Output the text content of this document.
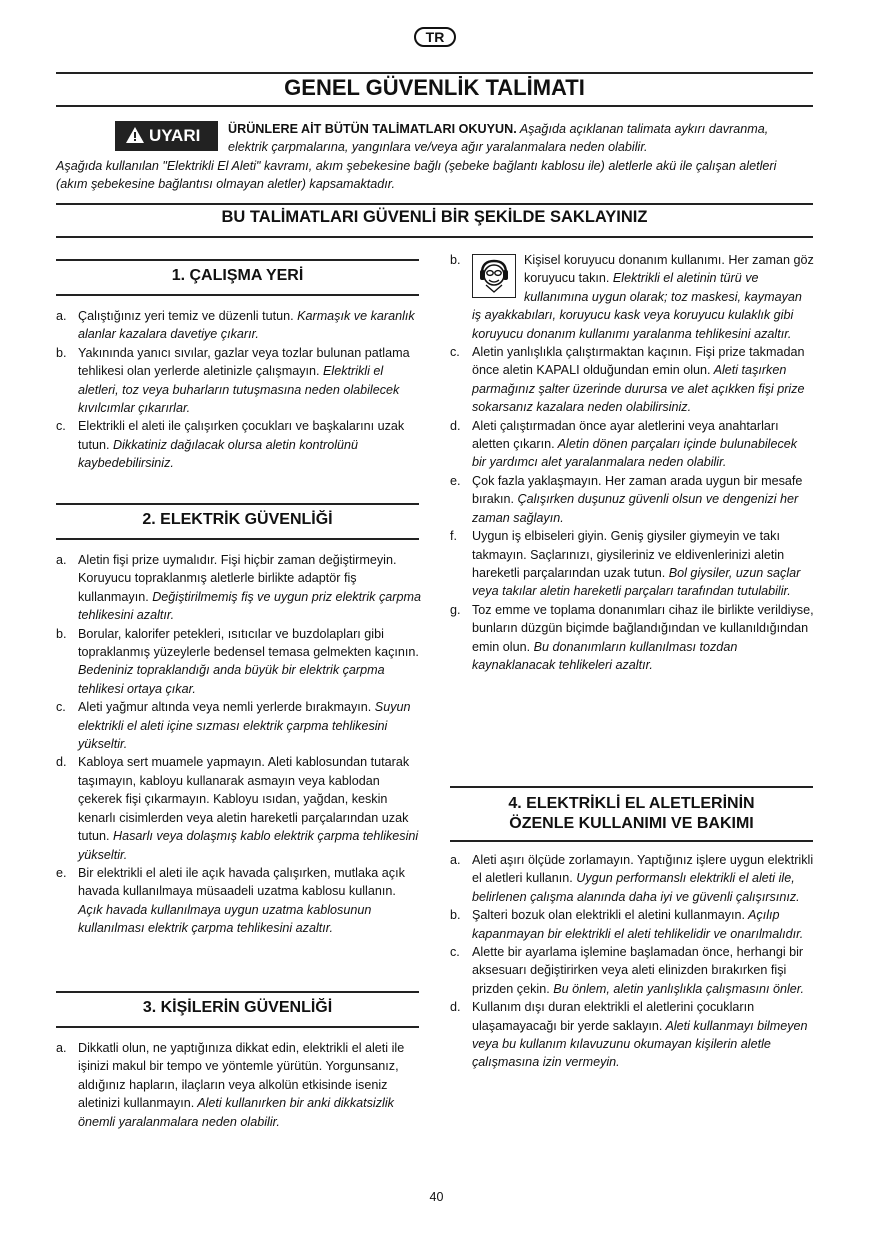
TR
GENEL GÜVENLİK TALİMATI
UYARI	ÜRÜNLERE AİT BÜTÜN TALİMATLARI OKUYUN. Aşağıda açıklanan talimata aykırı davranma, elektrik çarpmalarına, yangınlara ve/veya ağır yaralanmalara neden olabilir.
Aşağıda kullanılan "Elektrikli El Aleti" kavramı, akım şebekesine bağlı (şebeke bağlantı kablosu ile) aletlerle akü ile çalışan aletleri (akım şebekesine bağlantısı olmayan aletler) kapsamaktadır.
BU TALİMATLARI GÜVENLİ BİR ŞEKİLDE SAKLAYINIZ
1. ÇALIŞMA YERİ

a. Çalıştığınız yeri temiz ve düzenli tutun. Karmaşık ve karanlık alanlar kazalara davetiye çıkarır.

b. Yakınında yanıcı sıvılar, gazlar veya tozlar bulunan patlama tehlikesi olan yerlerde aletinizle çalışmayın. Elektrikli el aletleri, toz veya buharların tutuşmasına neden olabilecek kıvılcımlar çıkarırlar.

c. Elektrikli el aleti ile çalışırken çocukları ve başkalarını uzak tutun. Dikkatiniz dağılacak olursa aletin kontrolünü kaybedebilirsiniz.

2. ELEKTRİK GÜVENLİĞİ

a. Aletin fişi prize uymalıdır. Fişi hiçbir zaman değiştirmeyin. Koruyucu topraklanmış aletlerle birlikte adaptör fiş kullanmayın. Değiştirilmemiş fiş ve uygun priz elektrik çarpma tehlikesini azaltır.

b. Borular, kalorifer petekleri, ısıtıcılar ve buzdolapları gibi topraklanmış yüzeylerle bedensel temasa gelmekten kaçının. Bedeniniz topraklandığı anda büyük bir elektrik çarpma tehlikesi ortaya çıkar.

c. Aleti yağmur altında veya nemli yerlerde bırakmayın. Suyun elektrikli el aleti içine sızması elektrik çarpma tehlikesini yükseltir.

d. Kabloya sert muamele yapmayın. Aleti kablosundan tutarak taşımayın, kabloyu kullanarak asmayın veya kablodan çekerek fişi çıkarmayın. Kabloyu ısıdan, yağdan, keskin kenarlı cisimlerden veya aletin hareketli parçalarından uzak tutun. Hasarlı veya dolaşmış kablo elektrik çarpma tehlikesini yükseltir.

e. Bir elektrikli el aleti ile açık havada çalışırken, mutlaka açık havada kullanılmaya müsaadeli uzatma kablosu kullanın. Açık havada kullanılmaya uygun uzatma kablosunun kullanılması elektrik çarpma tehlikesini azaltır.

3. KİŞİLERİN GÜVENLİĞİ

a. Dikkatli olun, ne yaptığınıza dikkat edin, elektrikli el aleti ile işinizi makul bir tempo ve yöntemle yürütün. Yorgunsanız, aldığınız hapların, ilaçların veya alkolün etkisinde iseniz aletinizi kullanmayın. Aleti kullanırken bir anki dikkatsizlik önemli yaralanmalara neden olabilir.

b.	Kişisel koruyucu donanım kullanımı. Her zaman göz koruyucu takın. Elektrikli el aletinin türü ve kullanımına uygun olarak; toz maskesi, kaymayan iş ayakkabıları, koruyucu kask veya koruyucu kulaklık gibi koruyucu donanım kullanımı yaralanma tehlikesini azaltır.

c. Aletin yanlışlıkla çalıştırmaktan kaçının. Fişi prize takmadan önce aletin KAPALI olduğundan emin olun. Aleti taşırken parmağınız şalter üzerinde durursa ve alet açıkken fişi prize sokarsanız kazalara neden olabilirsiniz.

d. Aleti çalıştırmadan önce ayar aletlerini veya anahtarları aletten çıkarın. Aletin dönen parçaları içinde bulunabilecek bir yardımcı alet yaralanmalara neden olabilir.

e. Çok fazla yaklaşmayın. Her zaman arada uygun bir mesafe bırakın. Çalışırken duşunuz güvenli olsun ve dengenizi her zaman sağlayın.

f. Uygun iş elbiseleri giyin. Geniş giysiler giymeyin ve takı takmayın. Saçlarınızı, giysileriniz ve eldivenlerinizi aletin hareketli parçalarından uzak tutun. Bol giysiler, uzun saçlar veya takılar aletin hareketli parçaları tarafından tutulabilir.

g. Toz emme ve toplama donanımları cihaz ile birlikte verildiyse, bunların düzgün biçimde bağlandığından ve kullanıldığından emin olun. Bu donanımların kullanılması tozdan kaynaklanacak tehlikeleri azaltır.

4. ELEKTRİKLİ EL ALETLERİNİN
ÖZENLE KULLANIMI VE BAKIMI

a. Aleti aşırı ölçüde zorlamayın. Yaptığınız işlere uygun elektrikli el aletleri kullanın. Uygun performanslı elektrikli el aleti ile, belirlenen çalışma alanında daha iyi ve güvenli çalışırsınız.

b. Şalteri bozuk olan elektrikli el aletini kullanmayın. Açılıp kapanmayan bir elektrikli el aleti tehlikelidir ve onarılmalıdır.

c. Alette bir ayarlama işlemine başlamadan önce, herhangi bir aksesuarı değiştirirken veya aleti elinizden bırakırken fişi prizden çekin. Bu önlem, aletin yanlışlıkla çalışmasını önler.

d. Kullanım dışı duran elektrikli el aletlerini çocukların ulaşamayacağı bir yerde saklayın. Aleti kullanmayı bilmeyen veya bu kullanım kılavuzunu okumayan kişilerin aletle çalışmasına izin vermeyin.

40
